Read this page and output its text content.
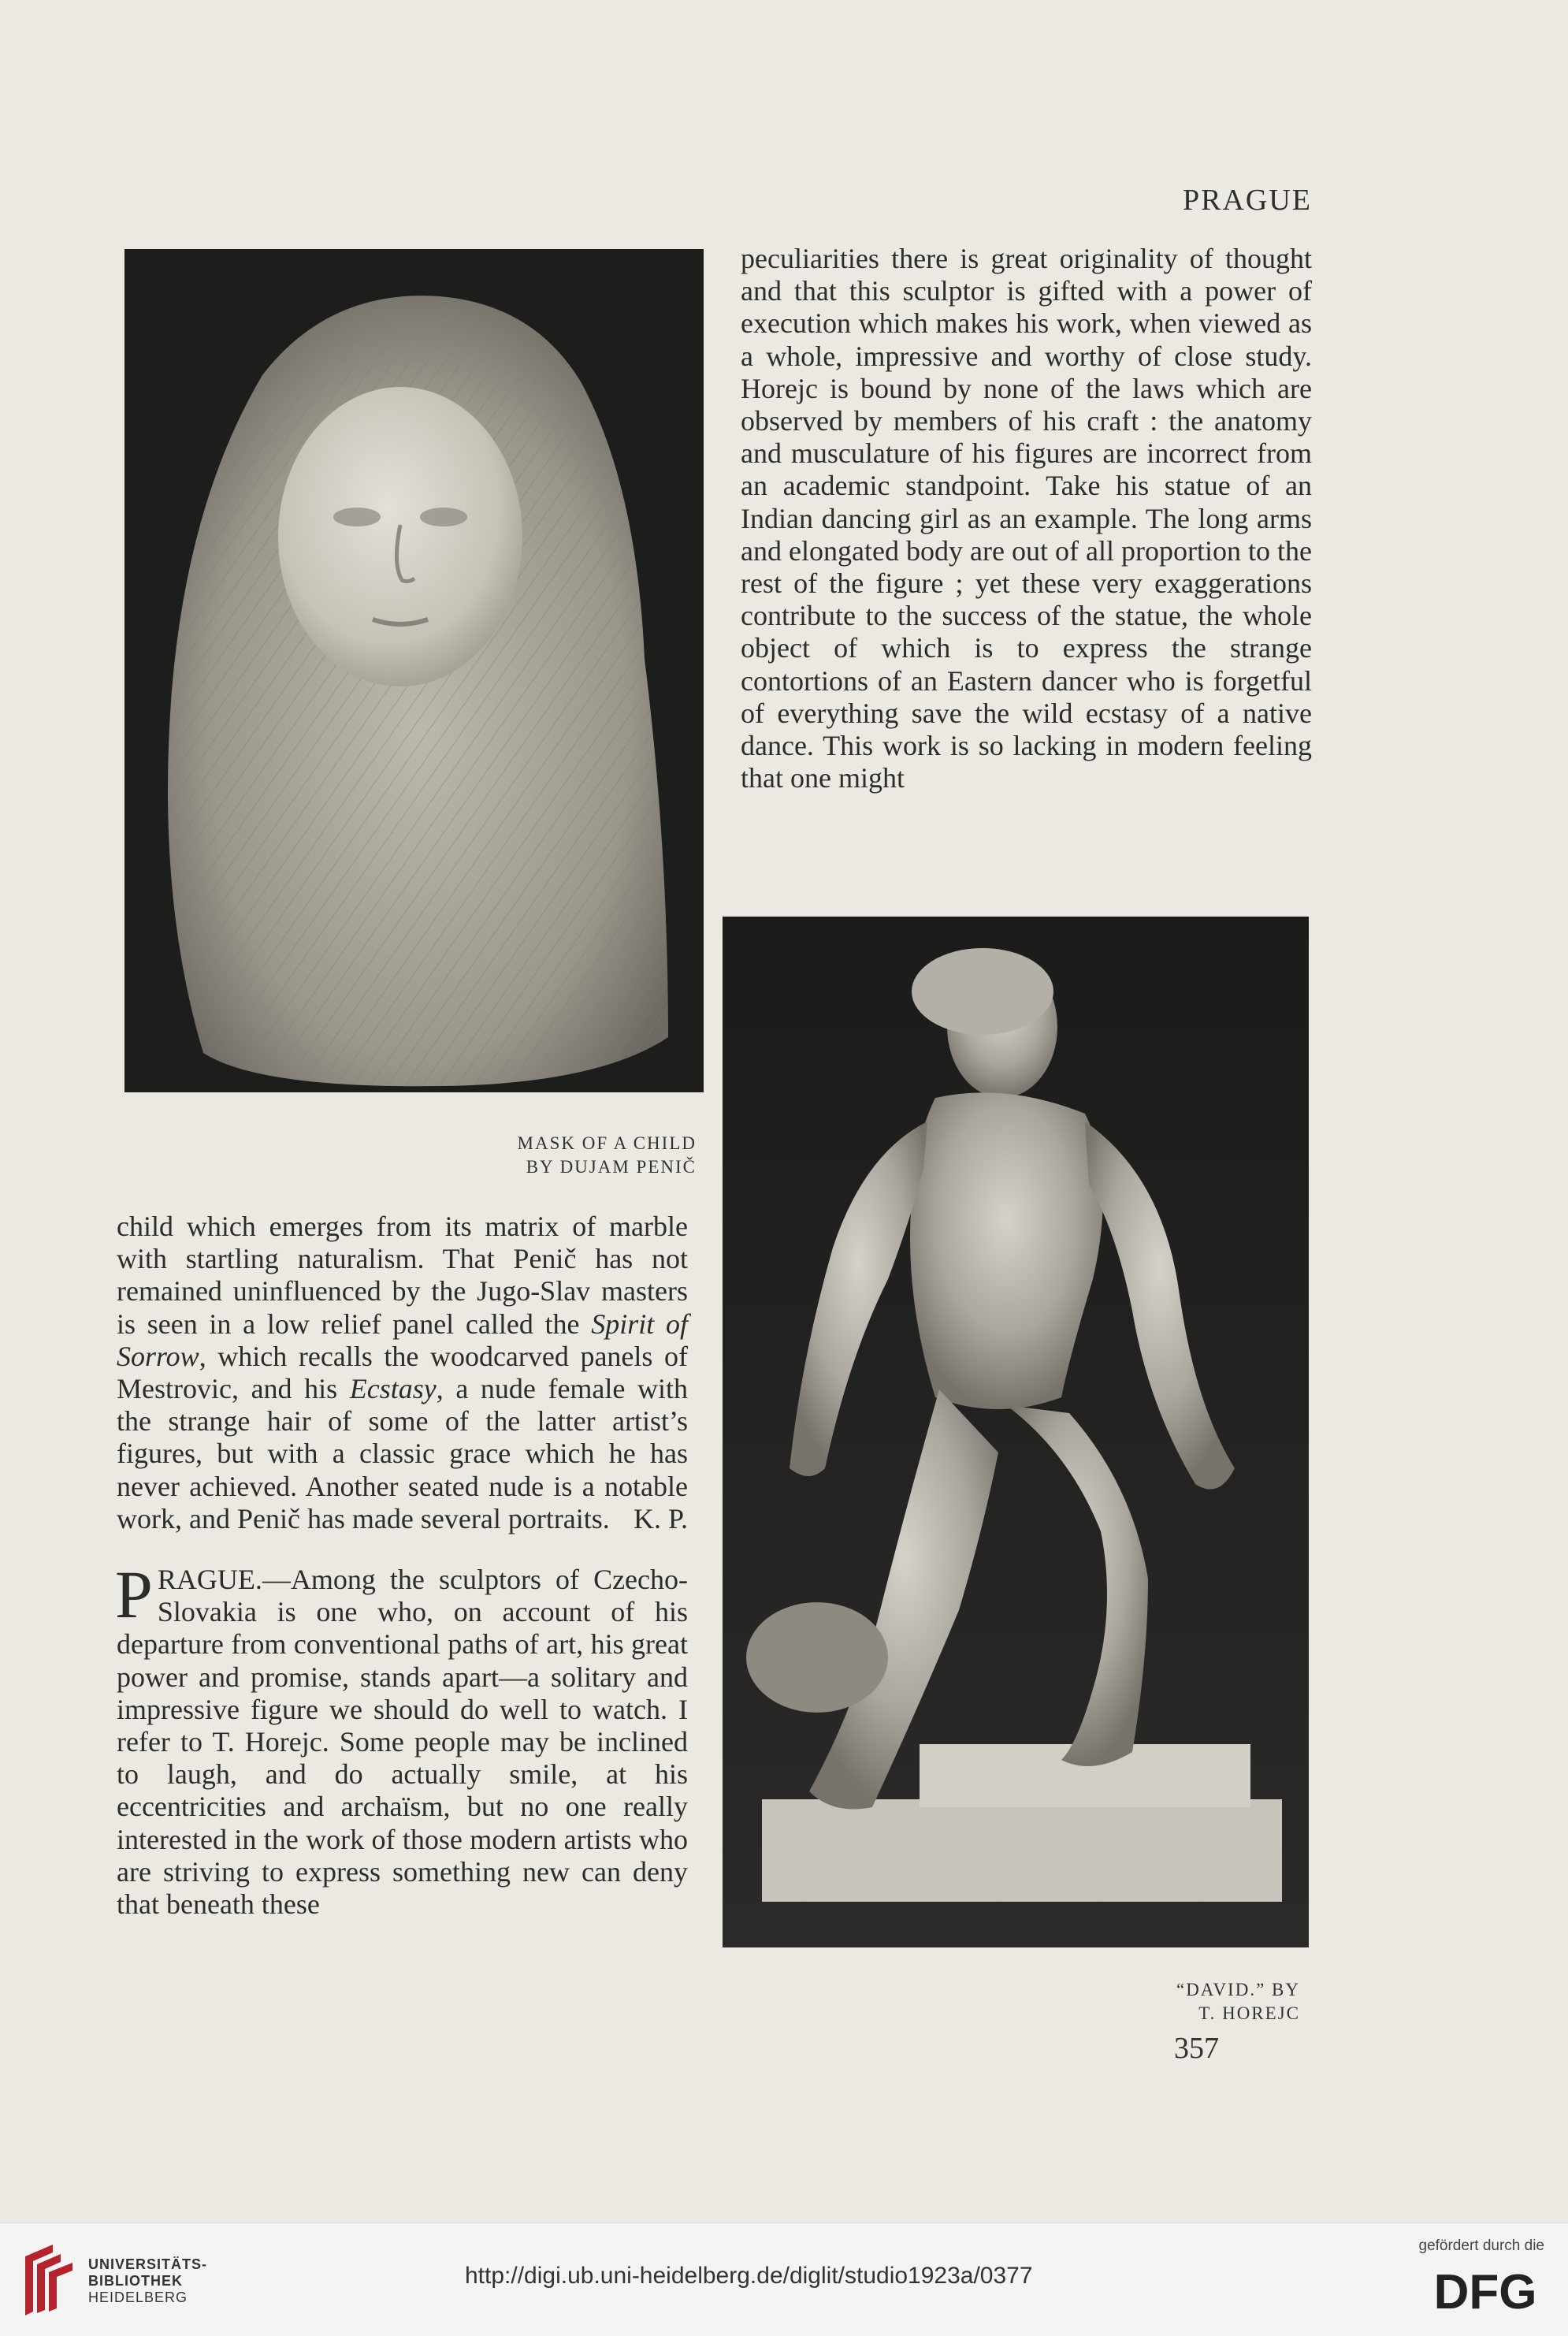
PRAGUE
MASK OF A CHILD
BY DUJAM PENIČ

peculiarities there is great originality of thought and that this sculptor is gifted with a power of execution which makes his work, when viewed as a whole, impressive and worthy of close study. Horejc is bound by none of the laws which are observed by members of his craft : the anatomy and musculature of his figures are incorrect from an academic standpoint. Take his statue of an Indian dancing girl as an example. The long arms and elongated body are out of all proportion to the rest of the figure ; yet these very exaggerations contribute to the success of the statue, the whole object of which is to express the strange contortions of an Eastern dancer who is forgetful of everything save the wild ecstasy of a native dance. This work is so lacking in modern feeling that one might

“DAVID.” BY
T. HOREJC

child which emerges from its matrix of marble with startling naturalism. That Penič has not remained uninfluenced by the Jugo-Slav masters is seen in a low relief panel called the Spirit of Sorrow, which recalls the woodcarved panels of Mestrovic, and his Ecstasy, a nude female with the strange hair of some of the latter artist’s figures, but with a classic grace which he has never achieved. Another seated nude is a notable work, and Penič has made several portraits. K. P.

PRAGUE.—Among the sculptors of Czecho-Slovakia is one who, on account of his departure from conventional paths of art, his great power and promise, stands apart—a solitary and impressive figure we should do well to watch. I refer to T. Horejc. Some people may be inclined to laugh, and do actually smile, at his eccentricities and archaïsm, but no one really interested in the work of those modern artists who are striving to express something new can deny that beneath these

357
UNIVERSITÄTS-
BIBLIOTHEK
HEIDELBERG
http://digi.ub.uni-heidelberg.de/diglit/studio1923a/0377
gefördert durch die
DFG
